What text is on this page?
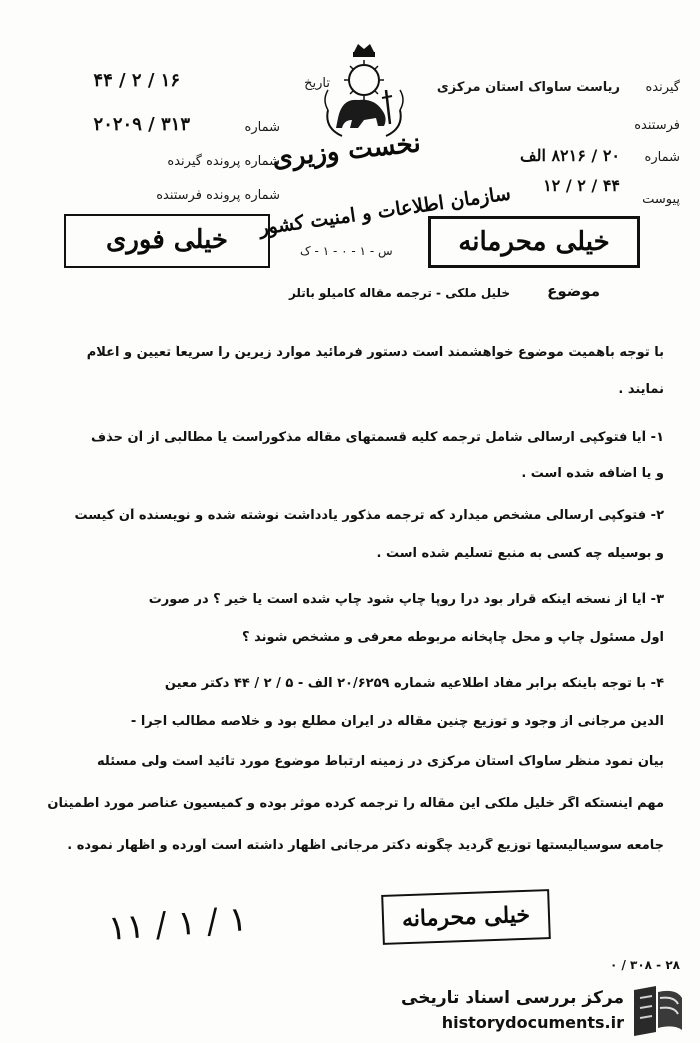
نخست وزیری
تاریخ
۱۶ / ۲ / ۴۴
شماره
۳۱۳ / ۲۰۲۰۹
شماره پرونده گیرنده
شماره پرونده فرستنده
گیرنده
ریاست ساواک استان مرکزی
فرستنده
شماره
۲۰ / ۸۲۱۶ الف
پیوست
۴۴ / ۲ / ۱۲
سازمان اطلاعات و امنیت کشور
س - ۱ - ۰ - ۱ - ک	خیلی محرمانه
خیلی فوری
موضوع
خلیل ملکی - ترجمه مقاله کامیلو باتلر
با توجه باهمیت موضوع خواهشمند است دستور فرمائید موارد زیرین را سریعاً تعیین و اعلام
نمایند .
۱- آیا فتوکپی ارسالی شامل ترجمه کلیه قسمتهای مقاله مذکوراست یا مطالبی از آن حذف
و یا اضافه شده است .
۲- فتوکپی ارسالی مشخص میدارد که ترجمه مذکور یادداشت نوشته شده و نویسنده آن کیست
و بوسیله چه کسی به منبع تسلیم شده است .
۳- آیا از نسخه اینکه قرار بود درا روپا چاپ شود چاپ شده است یا خیر ؟ در صورت
اول مسئول چاپ و محل چاپخانه مربوطه معرفی و مشخص شوند ؟
۴- با توجه باینکه برابر مفاد اطلاعیه شماره ۲۰/۶۲۵۹ الف - ۵ / ۲ / ۴۴ دکتر معین
الدین مرجانی از وجود و توزیع چنین مقاله در ایران مطلع بود و خلاصه مطالب اجرا -
بیان نمود منظر ساواک استان مرکزی در زمینه ارتباط موضوع مورد تائید است ولی مسئله
مهم اینستکه اگر خلیل ملکی این مقاله را ترجمه کرده موثر بوده و کمیسیون عناصر مورد اطمینان
جامعه سوسیالیستها توزیع گردید چگونه دکتر مرجانی اظهار داشته است آورده و اظهار نموده .
۱۱ / ۱ / ۱	خیلی محرمانه
۲۸ - ۳۰۸ / ۰
مرکز بررسی اسناد تاریخی
historydocuments.ir
